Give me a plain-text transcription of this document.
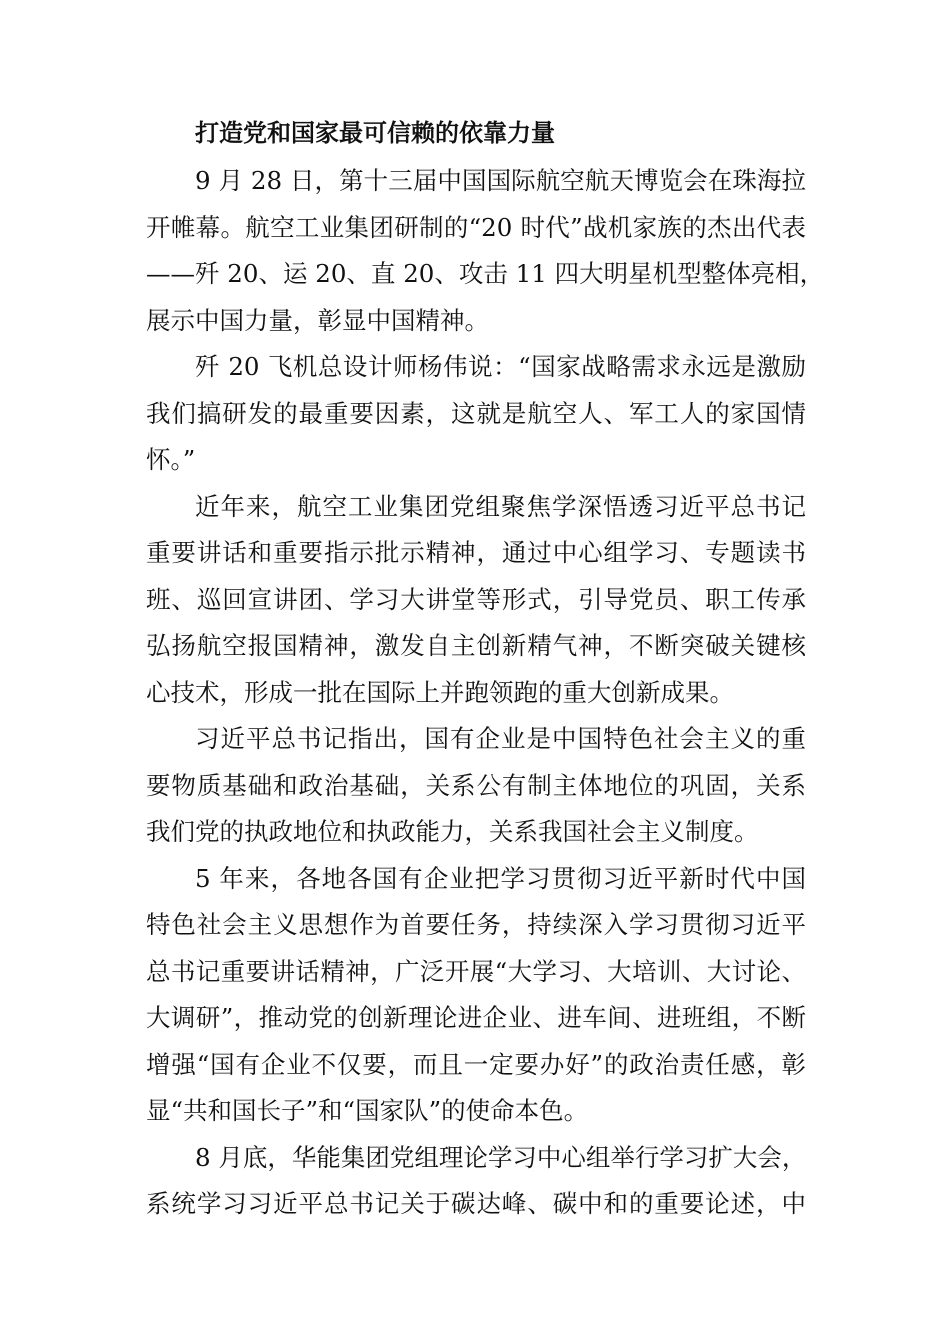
打造党和国家最可信赖的依靠力量

9 月 28 日，第十三届中国国际航空航天博览会在珠海拉
开帷幕。航空工业集团研制的“20 时代”战机家族的杰出代表
——歼 20、运 20、直 20、攻击 11 四大明星机型整体亮相，
展示中国力量，彰显中国精神。

歼 20 飞机总设计师杨伟说：“国家战略需求永远是激励
我们搞研发的最重要因素，这就是航空人、军工人的家国情
怀。”

近年来，航空工业集团党组聚焦学深悟透习近平总书记
重要讲话和重要指示批示精神，通过中心组学习、专题读书
班、巡回宣讲团、学习大讲堂等形式，引导党员、职工传承
弘扬航空报国精神，激发自主创新精气神，不断突破关键核
心技术，形成一批在国际上并跑领跑的重大创新成果。

习近平总书记指出，国有企业是中国特色社会主义的重
要物质基础和政治基础，关系公有制主体地位的巩固，关系
我们党的执政地位和执政能力，关系我国社会主义制度。

5 年来，各地各国有企业把学习贯彻习近平新时代中国
特色社会主义思想作为首要任务，持续深入学习贯彻习近平
总书记重要讲话精神，广泛开展“大学习、大培训、大讨论、
大调研”，推动党的创新理论进企业、进车间、进班组，不断
增强“国有企业不仅要，而且一定要办好”的政治责任感，彰
显“共和国长子”和“国家队”的使命本色。

8 月底，华能集团党组理论学习中心组举行学习扩大会，
系统学习习近平总书记关于碳达峰、碳中和的重要论述，中
